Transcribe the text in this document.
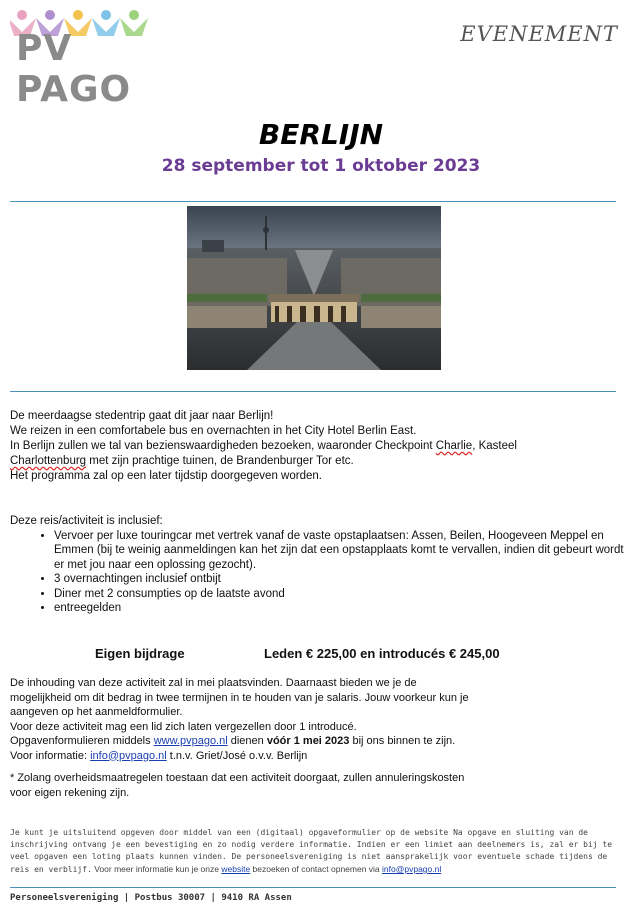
PV PAGO
EVENEMENT
BERLIJN
28 september tot 1 oktober 2023

De meerdaagse stedentrip gaat dit jaar naar Berlijn!

We reizen in een comfortabele bus en overnachten in het City Hotel Berlin East.

In Berlijn zullen we tal van bezienswaardigheden bezoeken, waaronder Checkpoint Charlie, Kasteel

Charlottenburg met zijn prachtige tuinen, de Brandenburger Tor etc.

Het programma zal op een later tijdstip doorgegeven worden.

Deze reis/activiteit is inclusief:
• Vervoer per luxe touringcar met vertrek vanaf de vaste opstaplaatsen: Assen, Beilen, Hoogeveen Meppel en Emmen (bij te weinig aanmeldingen kan het zijn dat een opstapplaats komt te vervallen, indien dit gebeurt wordt er met jou naar een oplossing gezocht).
• 3 overnachtingen inclusief ontbijt
• Diner met 2 consumpties op de laatste avond
• entreegelden
Eigen bijdrage	Leden € 225,00 en introducés € 245,00

De inhouding van deze activiteit zal in mei plaatsvinden. Daarnaast bieden we je de

mogelijkheid om dit bedrag in twee termijnen in te houden van je salaris. Jouw voorkeur kun je

aangeven op het aanmeldformulier.

Voor deze activiteit mag een lid zich laten vergezellen door 1 introducé.

Opgavenformulieren middels www.pvpago.nl dienen vóór 1 mei 2023 bij ons binnen te zijn.

Voor informatie: info@pvpago.nl t.n.v. Griet/José o.v.v. Berlijn

* Zolang overheidsmaatregelen toestaan dat een activiteit doorgaat, zullen annuleringskosten
voor eigen rekening zijn.
Je kunt je uitsluitend opgeven door middel van een (digitaal) opgaveformulier op de website Na opgave en sluiting van de
inschrijving ontvang je een bevestiging en zo nodig verdere informatie. Indien er een limiet aan deelnemers is, zal er bij te
veel opgaven een loting plaats kunnen vinden. De personeelsvereniging is niet aansprakelijk voor eventuele schade tijdens de
reis en verblijf. Voor meer informatie kun je onze website bezoeken of contact opnemen via info@pvpago.nl
Personeelsvereniging | Postbus 30007 | 9410 RA Assen
